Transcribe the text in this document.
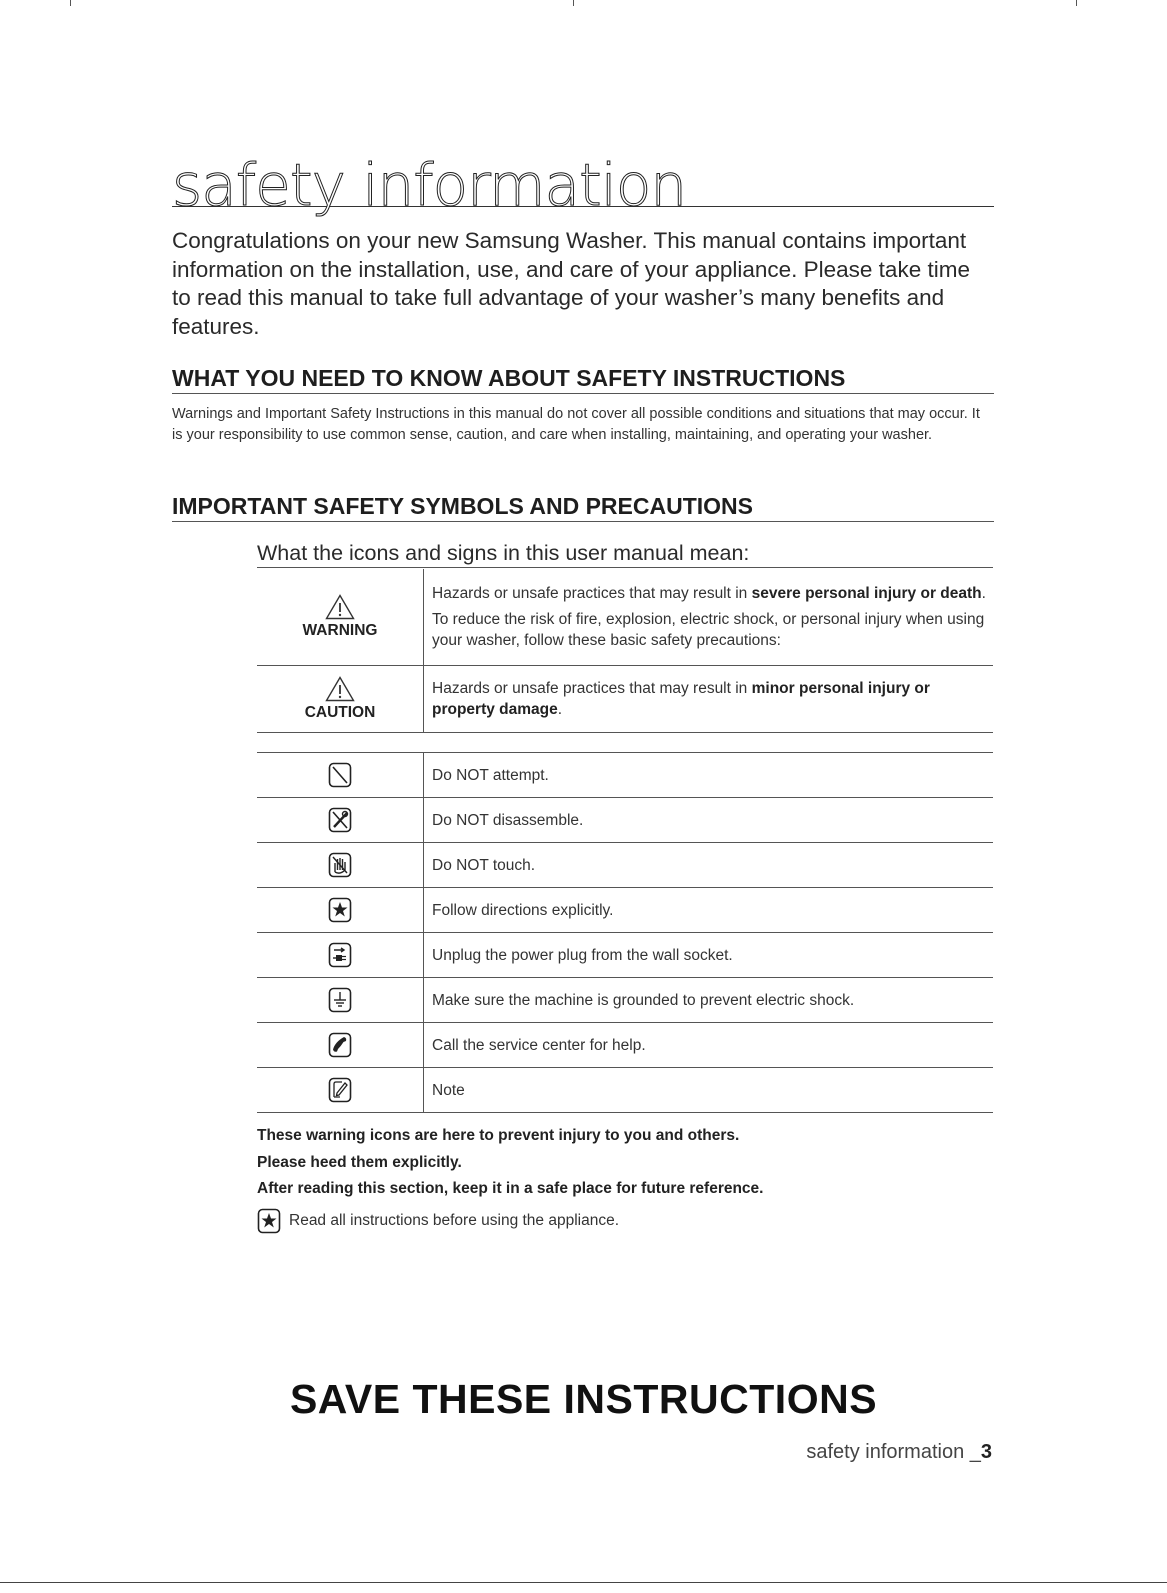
safety information

Congratulations on your new Samsung Washer. This manual contains important information on the installation, use, and care of your appliance. Please take time to read this manual to take full advantage of your washer’s many benefits and features.

WHAT YOU NEED TO KNOW ABOUT SAFETY INSTRUCTIONS

Warnings and Important Safety Instructions in this manual do not cover all possible conditions and situations that may occur. It is your responsibility to use common sense, caution, and care when installing, maintaining, and operating your washer.

IMPORTANT SAFETY SYMBOLS AND PRECAUTIONS

What the icons and signs in this user manual mean:

WARNING	Hazards or unsafe practices that may result in severe personal injury or death.
To reduce the risk of fire, explosion, electric shock, or personal injury when using your washer, follow these basic safety precautions:

CAUTION	Hazards or unsafe practices that may result in minor personal injury or property damage.
	Do NOT attempt.

	Do NOT disassemble.

	Do NOT touch.

	Follow directions explicitly.

	Unplug the power plug from the wall socket.

	Make sure the machine is grounded to prevent electric shock.

	Call the service center for help.

	Note

These warning icons are here to prevent injury to you and others.

Please heed them explicitly.

After reading this section, keep it in a safe place for future reference.

Read all instructions before using the appliance.
SAVE THESE INSTRUCTIONS
safety information _3
